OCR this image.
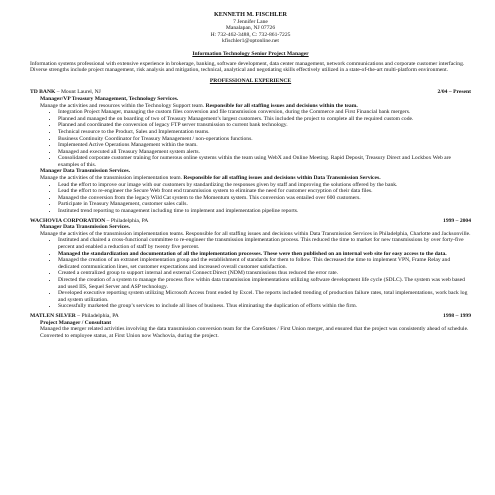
KENNETH M. FISCHLER
7 Jennifer Lane
Manalapan, NJ 07726
H: 732-462-3488, C: 732-861-7225
kfischler1@optonline.net
Information Technology Senior Project Manager
Information systems professional with extensive experience in brokerage, banking, software development, data center management, network communications and corporate customer interfacing. Diverse strengths include project management, risk analysis and mitigation, technical, analytical and negotiating skills effectively utilized in a state-of-the-art multi-platform environment.
PROFESSIONAL EXPERIENCE
TD BANK – Mount Laurel, NJ	2/04 – Present
Manager/VP Treasury Management, Technology Services.
Manage the activities and resources within the Technology Support team. Responsible for all staffing issues and decisions within the team.
• Integration Project Manager, managing the custom files conversion and file transmission conversion, during the Commerce and First Financial bank mergers.
• Planned and managed the on boarding of two of Treasury Management’s largest customers. This included the project to complete all the required custom code.
• Planned and coordinated the conversion of legacy FTP server transmission to current bank technology.
• Technical resource to the Product, Sales and Implementation teams.
• Business Continuity Coordinator for Treasury Management / non-operations functions.
• Implemented Active Operations Management within the team.
• Managed and executed all Treasury Management system alerts.
• Consolidated corporate customer training for numerous online systems within the team using WebX and Online Meeting. Rapid Deposit, Treasury Direct and Lockbox Web are examples of this.
Manager Data Transmission Services.
Manage the activities of the transmission implementation team. Responsible for all staffing issues and decisions within Data Transmission Services.
• Lead the effort to improve our image with our customers by standardizing the responses given by staff and improving the solutions offered by the bank.
• Lead the effort to re-engineer the Secure Web front end transmission system to eliminate the need for customer encryption of their data files.
• Managed the conversion from the legacy Wild Cat system to the Momentum system. This conversion was entailed over 600 customers.
• Participate in Treasury Management, customer sales calls.
• Instituted trend reporting to management including time to implement and implementation pipeline reports.
WACHOVIA CORPORATION – Philadelphia, PA	1999 – 2004
Manager Data Transmission Services.
Manage the activities of the transmission implementation teams. Responsible for all staffing issues and decisions within Data Transmission Services in Philadelphia, Charlotte and Jacksonville.
• Instituted and chaired a cross-functional committee to re-engineer the transmission implementation process. This reduced the time to market for new transmissions by over forty-five percent and enabled a reduction of staff by twenty five percent.
• Managed the standardization and documentation of all the implementation processes. These were then published on an internal web site for easy access to the data.
• Managed the creation of an extranet implementation group and the establishment of standards for them to follow. This decreased the time to implement VPN, Frame Relay and dedicated communication lines, set customer expectations and increased overall customer satisfaction.
• Created a centralized group to support internal and external Connect:Direct (NDM) transmissions thus reduced the error rate.
• Directed the creation of a system to manage the process flow within data transmission implementations utilizing software development life cycle (SDLC). The system was web based and used IIS, Sequel Server and ASP technology.
• Developed executive reporting system utilizing Microsoft Access front ended by Excel. The reports included trending of production failure rates, total implementations, work back log and system utilization.
• Successfully marketed the group’s services to include all lines of business. Thus eliminating the duplication of efforts within the firm.
MATLEN SILVER – Philadelphia, PA	1998 – 1999
Project Manager / Consultant
Managed the merger related activities involving the data transmission conversion team for the CoreStates / First Union merger, and ensured that the project was consistently ahead of schedule. Converted to employee status, at First Union now Wachovia, during the project.
